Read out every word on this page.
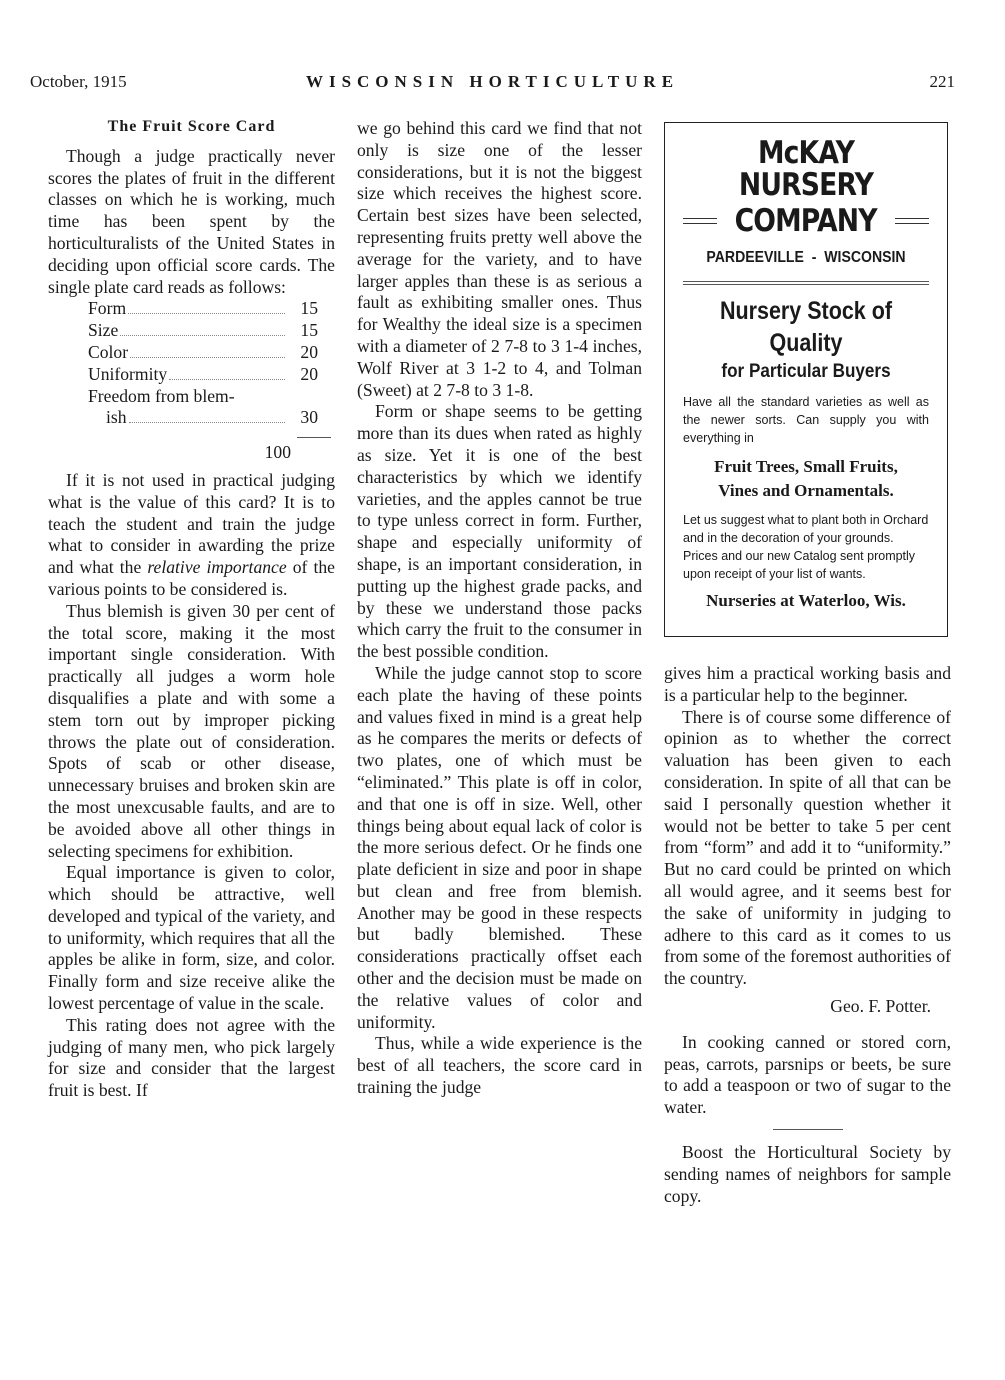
October, 1915	WISCONSIN HORTICULTURE	221
The Fruit Score Card

Though a judge practically never scores the plates of fruit in the different classes on which he is working, much time has been spent by the horticulturalists of the United States in deciding upon official score cards. The single plate card reads as follows:

Form	15
Size	15
Color	20
Uniformity	20
Freedom from blem-
ish	30
100

If it is not used in practical judging what is the value of this card? It is to teach the student and train the judge what to consider in awarding the prize and what the relative importance of the various points to be considered is.

Thus blemish is given 30 per cent of the total score, making it the most important single consideration. With practically all judges a worm hole disqualifies a plate and with some a stem torn out by improper picking throws the plate out of consideration. Spots of scab or other disease, unnecessary bruises and broken skin are the most unexcusable faults, and are to be avoided above all other things in selecting specimens for exhibition.

Equal importance is given to color, which should be attractive, well developed and typical of the variety, and to uniformity, which requires that all the apples be alike in form, size, and color. Finally form and size receive alike the lowest percentage of value in the scale.

This rating does not agree with the judging of many men, who pick largely for size and consider that the largest fruit is best. If

we go behind this card we find that not only is size one of the lesser considerations, but it is not the biggest size which receives the highest score. Certain best sizes have been selected, representing fruits pretty well above the average for the variety, and to have larger apples than these is as serious a fault as exhibiting smaller ones. Thus for Wealthy the ideal size is a specimen with a diameter of 2 7-8 to 3 1-4 inches, Wolf River at 3 1-2 to 4, and Tolman (Sweet) at 2 7-8 to 3 1-8.

Form or shape seems to be getting more than its dues when rated as highly as size. Yet it is one of the best characteristics by which we identify varieties, and the apples cannot be true to type unless correct in form. Further, shape and especially uniformity of shape, is an important consideration, in putting up the highest grade packs, and by these we understand those packs which carry the fruit to the consumer in the best possible condition.

While the judge cannot stop to score each plate the having of these points and values fixed in mind is a great help as he compares the merits or defects of two plates, one of which must be “eliminated.” This plate is off in color, and that one is off in size. Well, other things being about equal lack of color is the more serious defect. Or he finds one plate deficient in size and poor in shape but clean and free from blemish. Another may be good in these respects but badly blemished. These considerations practically offset each other and the decision must be made on the relative values of color and uniformity.

Thus, while a wide experience is the best of all teachers, the score card in training the judge

McKAY NURSERY
COMPANY
PARDEEVILLE  -  WISCONSIN
Nursery Stock of
Quality
for Particular Buyers
Have all the standard varieties as well as the newer sorts. Can supply you with everything in
Fruit Trees, Small Fruits,
Vines and Ornamentals.
Let us suggest what to plant both in Orchard and in the decoration of your grounds.
Prices and our new Catalog sent promptly upon receipt of your list of wants.
Nurseries at Waterloo, Wis.

gives him a practical working basis and is a particular help to the beginner.

There is of course some difference of opinion as to whether the correct valuation has been given to each consideration. In spite of all that can be said I personally question whether it would not be better to take 5 per cent from “form” and add it to “uniformity.” But no card could be printed on which all would agree, and it seems best for the sake of uniformity in judging to adhere to this card as it comes to us from some of the foremost authorities of the country.

Geo. F. Potter.

In cooking canned or stored corn, peas, carrots, parsnips or beets, be sure to add a teaspoon or two of sugar to the water.

Boost the Horticultural Society by sending names of neighbors for sample copy.
